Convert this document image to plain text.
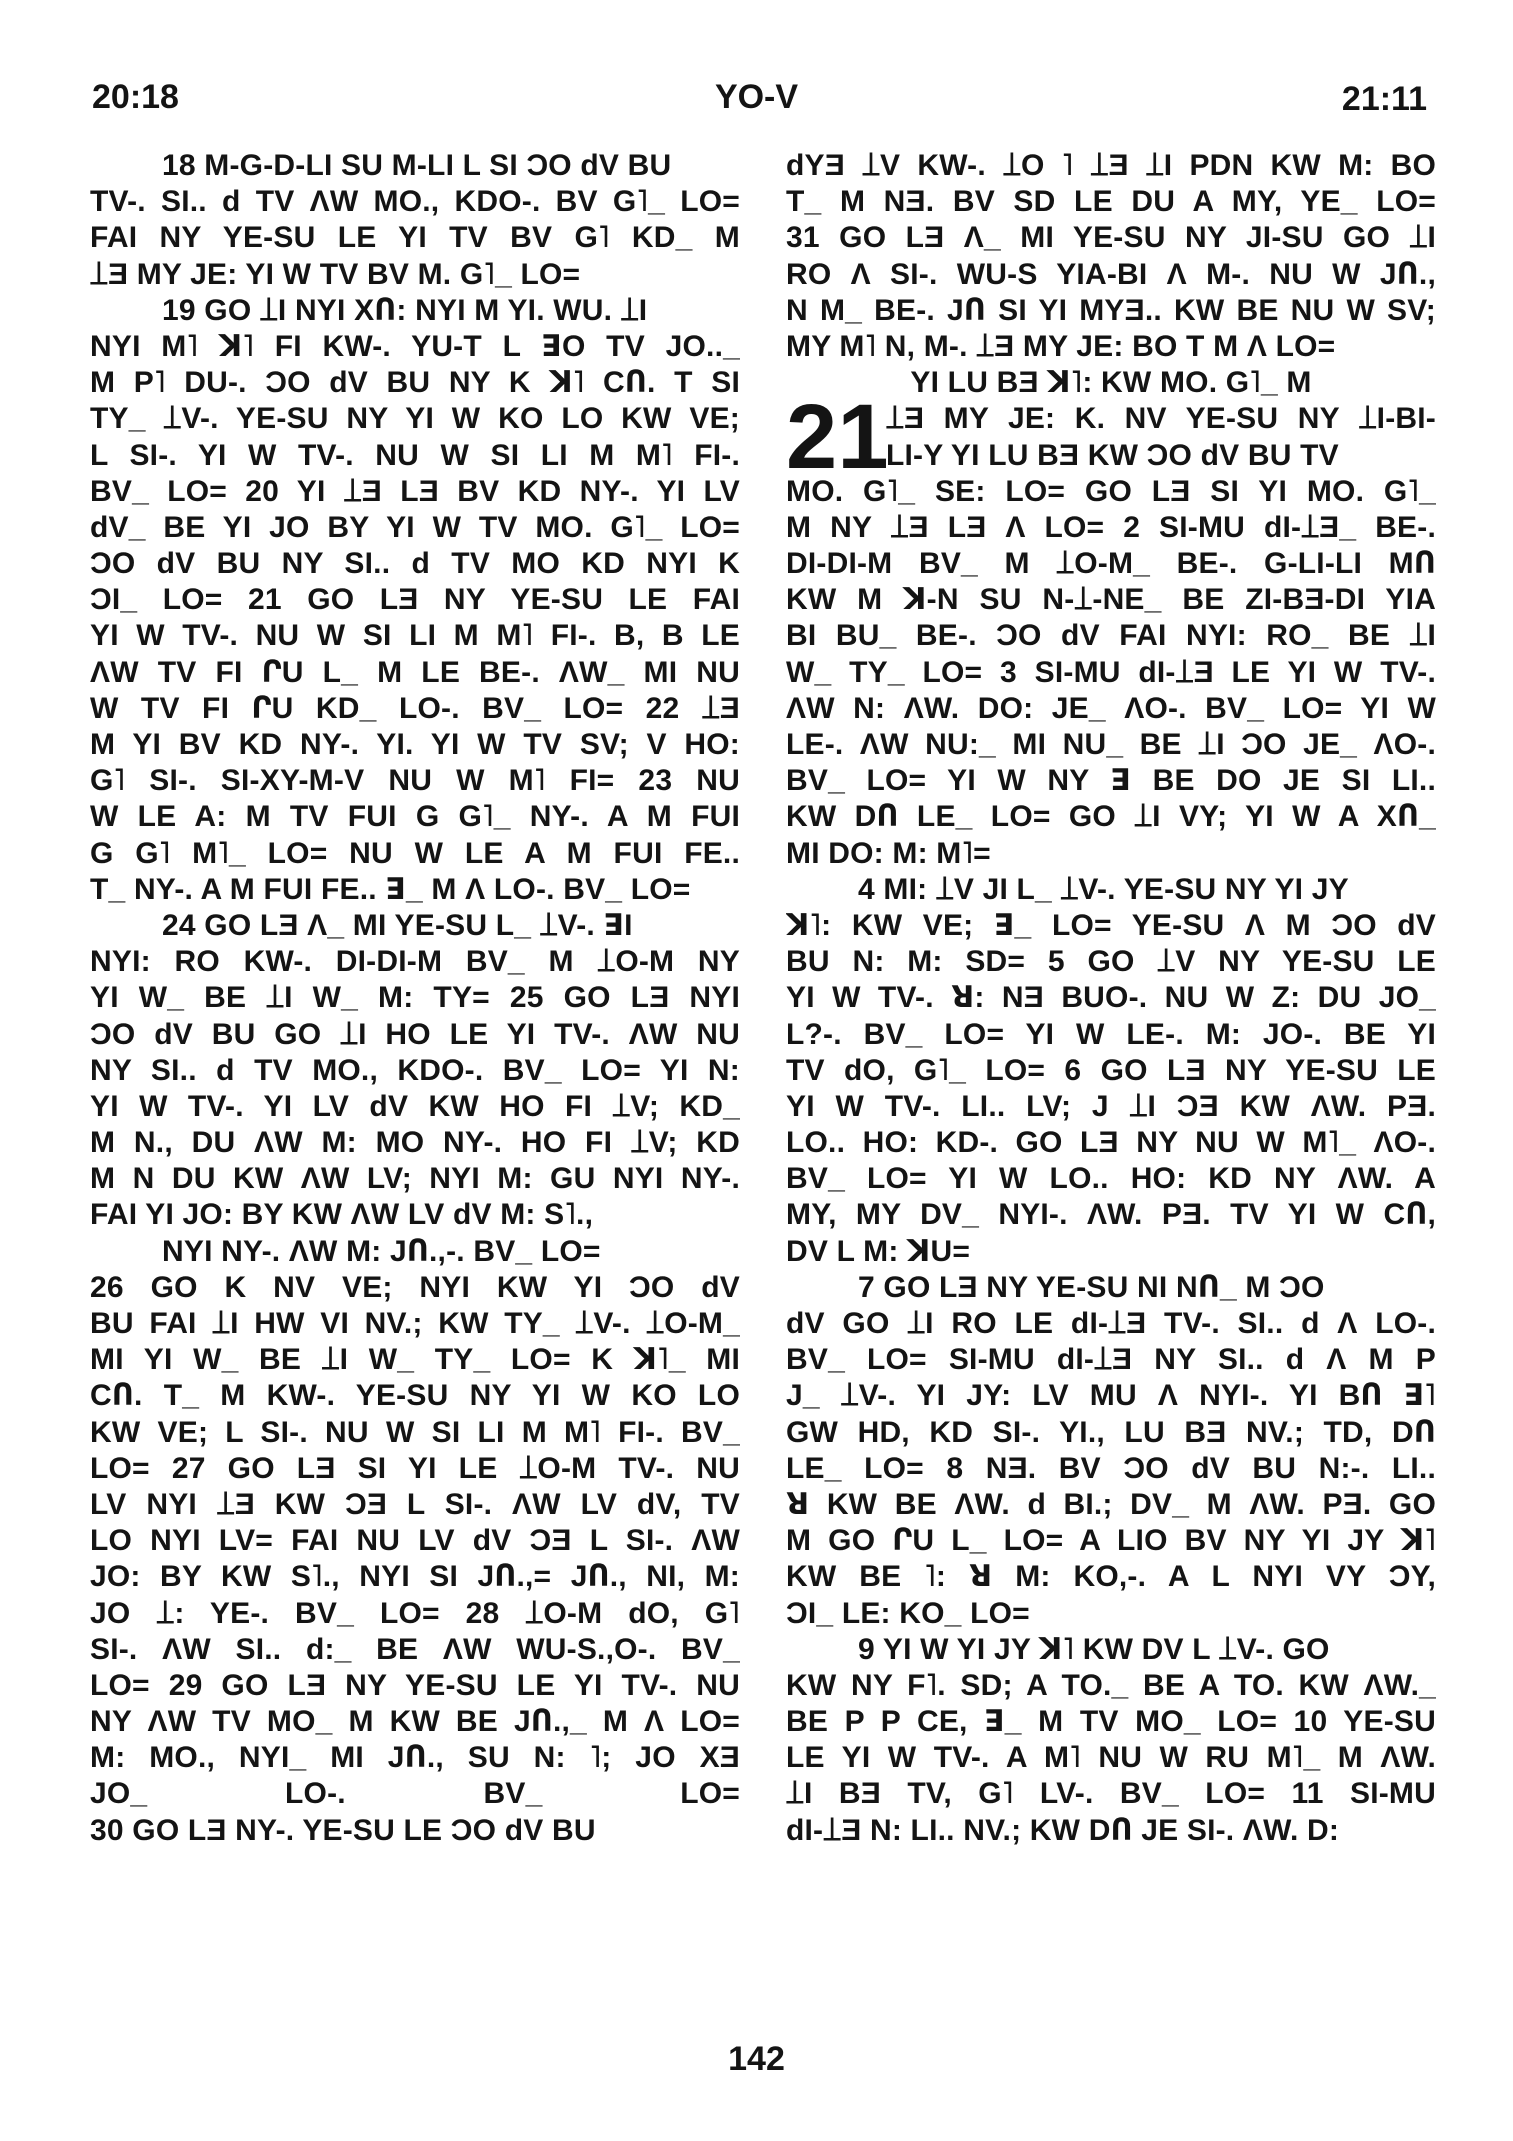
20:18	YO-V	21:11
18 M-G-D-LI SU M-LI L SI ƆO dV BU
TV-. SI.. d TV ΛW MO., KDO-. BV G˥_ LO=
FAI NY YE-SU LE YI TV BV G˥ KD_ M
⟘Ǝ MY JE: YI W TV BV M. G˥_ LO=
19 GO ⟘I NYI XՈ: NYI M YI. WU. ⟘I
NYI M˥ ꓘ˥ FI KW-. YU-T L ꓱO TV JO.._
M P˥ DU-. ƆO dV BU NY K ꓘ˥ CՈ. T SI
TY_ ⟘V-. YE-SU NY YI W KO LO KW VE;
L SI-. YI W TV-. NU W SI LI M M˥ FI-.
BV_ LO= 20 YI ⟘Ǝ LƎ BV KD NY-. YI LV
dV_ BE YI JO BY YI W TV MO. G˥_ LO=
ƆO dV BU NY SI.. d TV MO KD NYI K
ƆI_ LO= 21 GO LƎ NY YE-SU LE FAI
YI W TV-. NU W SI LI M M˥ FI-. B, B LE
ΛW TV FI ՐU L_ M LE BE-. ΛW_ MI NU
W TV FI ՐU KD_ LO-. BV_ LO= 22 ⟘Ǝ
M YI BV KD NY-. YI. YI W TV SV; V HO:
G˥ SI-. SI-XY-M-V NU W M˥ FI= 23 NU
W LE A: M TV FUI G G˥_ NY-. A M FUI
G G˥ M˥_ LO= NU W LE A M FUI FE..
T_ NY-. A M FUI FE.. ꓱ_ M Λ LO-. BV_ LO=
24 GO LƎ Λ_ MI YE-SU L_ ⟘V-. ꓱI
NYI: RO KW-. DI-DI-M BV_ M ⟘O-M NY
YI W_ BE ⟘I W_ M: TY= 25 GO LƎ NYI
ƆO dV BU GO ⟘I HO LE YI TV-. ΛW NU
NY SI.. d TV MO., KDO-. BV_ LO= YI N:
YI W TV-. YI LV dV KW HO FI ⟘V; KD_
M N., DU ΛW M: MO NY-. HO FI ⟘V; KD
M N DU KW ΛW LV; NYI M: GU NYI NY-.
FAI YI JO: BY KW ΛW LV dV M: S˥.,
NYI NY-. ΛW M: JՈ.,-. BV_ LO=
26 GO K NV VE; NYI KW YI ƆO dV
BU FAI ⟘I HW VI NV.; KW TY_ ⟘V-. ⟘O-M_
MI YI W_ BE ⟘I W_ TY_ LO= K ꓘ˥_ MI
CՈ. T_ M KW-. YE-SU NY YI W KO LO
KW VE; L SI-. NU W SI LI M M˥ FI-. BV_
LO= 27 GO LƎ SI YI LE ⟘O-M TV-. NU
LV NYI ⟘Ǝ KW ƆƎ L SI-. ΛW LV dV, TV
LO NYI LV= FAI NU LV dV ƆƎ L SI-. ΛW
JO: BY KW S˥., NYI SI JՈ.,= JՈ., NI, M:
JO ⟘: YE-. BV_ LO= 28 ⟘O-M dO, G˥
SI-. ΛW SI.. d:_ BE ΛW WU-S.,O-. BV_
LO= 29 GO LƎ NY YE-SU LE YI TV-. NU
NY ΛW TV MO_ M KW BE JՈ.,_ M Λ LO=
M: MO., NYI_ MI JՈ., SU N: ˥; JO XƎ
JO_ LO-. BV_ LO=
30 GO LƎ NY-. YE-SU LE ƆO dV BU
dYƎ ⟘V KW-. ⟘O ˥ ⟘Ǝ ⟘I PDN KW M: BO
T_ M NƎ. BV SD LE DU A MY, YE_ LO=
31 GO LƎ Λ_ MI YE-SU NY JI-SU GO ⟘I
RO Λ SI-. WU-S YIA-BI Λ M-. NU W JՈ.,
N M_ BE-. JՈ SI YI MYƎ.. KW BE NU W SV;
MY M˥ N, M-. ⟘Ǝ MY JE: BO T M Λ LO=
YI LU BƎ ꓘ˥: KW MO. G˥_ M
21
⟘Ǝ MY JE: K. NV YE-SU NY ⟘I-BI-
LI-Y YI LU BƎ KW ƆO dV BU TV
MO. G˥_ SE: LO= GO LƎ SI YI MO. G˥_
M NY ⟘Ǝ LƎ Λ LO= 2 SI-MU dI-⟘Ǝ_ BE-.
DI-DI-M BV_ M ⟘O-M_ BE-. G-LI-LI MՈ
KW M ꓘ-N SU N-⟘-NE_ BE ZI-BƎ-DI YIA
BI BU_ BE-. ƆO dV FAI NYI: RO_ BE ⟘I
W_ TY_ LO= 3 SI-MU dI-⟘Ǝ LE YI W TV-.
ΛW N: ΛW. DO: JE_ ΛO-. BV_ LO= YI W
LE-. ΛW NU:_ MI NU_ BE ⟘I ƆO JE_ ΛO-.
BV_ LO= YI W NY ꓱ BE DO JE SI LI..
KW DՈ LE_ LO= GO ⟘I VY; YI W A XՈ_
MI DO: M: M˥=
4 MI: ⟘V JI L_ ⟘V-. YE-SU NY YI JY
ꓘ˥: KW VE; ꓱ_ LO= YE-SU Λ M ƆO dV
BU N: M: SD= 5 GO ⟘V NY YE-SU LE
YI W TV-. ꓤ: NƎ BUO-. NU W Z: DU JO_
L?-. BV_ LO= YI W LE-. M: JO-. BE YI
TV dO, G˥_ LO= 6 GO LƎ NY YE-SU LE
YI W TV-. LI.. LV; J ⟘I ƆƎ KW ΛW. PƎ.
LO.. HO: KD-. GO LƎ NY NU W M˥_ ΛO-.
BV_ LO= YI W LO.. HO: KD NY ΛW. A
MY, MY DV_ NYI-. ΛW. PƎ. TV YI W CՈ,
DV L M: ꓘU=
7 GO LƎ NY YE-SU NI NՈ_ M ƆO
dV GO ⟘I RO LE dI-⟘Ǝ TV-. SI.. d Λ LO-.
BV_ LO= SI-MU dI-⟘Ǝ NY SI.. d Λ M P
J_ ⟘V-. YI JY: LV MU Λ NYI-. YI BՈ ꓱ˥
GW HD, KD SI-. YI., LU BƎ NV.; TD, DՈ
LE_ LO= 8 NƎ. BV ƆO dV BU N:-. LI..
ꓤ KW BE ΛW. d BI.; DV_ M ΛW. PƎ. GO
M GO ՐU L_ LO= A LIO BV NY YI JY ꓘ˥
KW BE ˥: ꓤ M: KO,-. A L NYI VY ƆY,
ƆI_ LE: KO_ LO=
9 YI W YI JY ꓘ˥ KW DV L ⟘V-. GO
KW NY F˥. SD; A TO._ BE A TO. KW ΛW._
BE P P CE, ꓱ_ M TV MO_ LO= 10 YE-SU
LE YI W TV-. A M˥ NU W RU M˥_ M ΛW.
⟘I BƎ TV, G˥ LV-. BV_ LO= 11 SI-MU
dI-⟘Ǝ N: LI.. NV.; KW DՈ JE SI-. ΛW. D:
142
